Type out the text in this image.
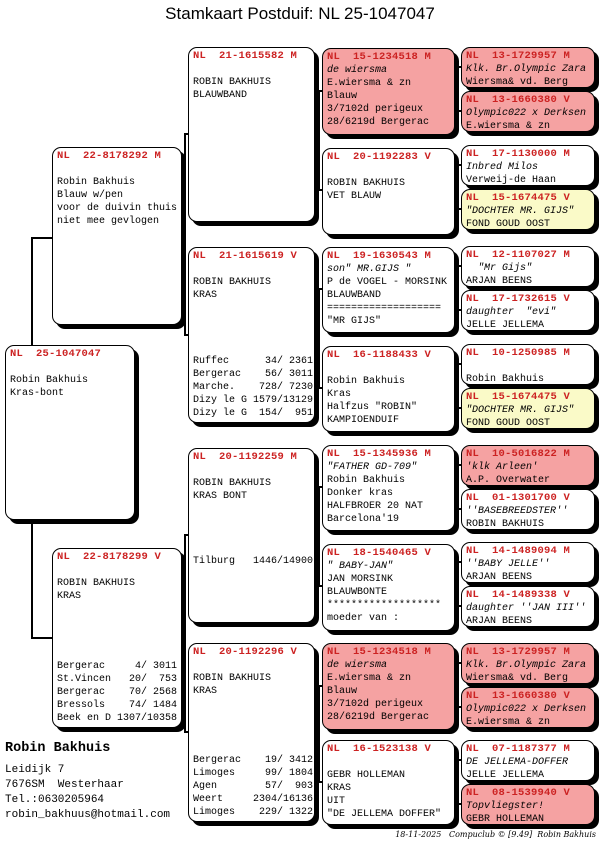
Stamkaart Postduif: NL 25-1047047
NL  25-1047047

Robin Bakhuis
Kras-bont
NL  22-8178292 M

Robin Bakhuis
Blauw w/pen
voor de duivin thuis
niet mee gevlogen
NL  22-8178299 V

ROBIN BAKHUIS
KRAS
Bergerac     4/ 3011
St.Vincen   20/  753
Bergerac    70/ 2568
Bressols    74/ 1484
Beek en D 1307/10358
NL  21-1615582 M

ROBIN BAKHUIS
BLAUWBAND
NL  21-1615619 V

ROBIN BAKHUIS
KRAS
Ruffec      34/ 2361
Bergerac    56/ 3011
Marche.    728/ 7230
Dizy le G 1579/13129
Dizy le G  154/  951
NL  20-1192259 M

ROBIN BAKHUIS
KRAS BONT
Tilburg   1446/14900
NL  20-1192296 V

ROBIN BAKHUIS
KRAS
Bergerac    19/ 3412
Limoges     99/ 1804
Agen        57/  903
Weert     2304/16136
Limoges    229/ 1322
NL  15-1234518 M
de wiersma
E.wiersma & zn
Blauw
3/7102d perigeux
28/6219d Bergerac
NL  20-1192283 V

ROBIN BAKHUIS
VET BLAUW
NL  19-1630543 M
son" MR.GIJS "
P de VOGEL - MORSINK
BLAUWBAND
===================
"MR GIJS"
NL  16-1188433 V

Robin Bakhuis
Kras
Halfzus "ROBIN"
KAMPIOENDUIF
NL  15-1345936 M
"FATHER GD-709"
Robin Bakhuis
Donker kras
HALFBROER 20 NAT
Barcelona'19
NL  18-1540465 V
" BABY-JAN"
JAN MORSINK
BLAUWBONTE
*******************
moeder van :
NL  15-1234518 M
de wiersma
E.wiersma & zn
Blauw
3/7102d perigeux
28/6219d Bergerac
NL  16-1523138 V

GEBR HOLLEMAN
KRAS
UIT
"DE JELLEMA DOFFER"
NL  13-1729957 M
Klk. Br.Olympic Zara
Wiersma& vd. Berg
NL  13-1660380 V
Olympic022 x Derksen
E.wiersma & zn
NL  17-1130000 M
Inbred Milos
Verweij-de Haan
NL  15-1674475 V
"DOCHTER MR. GIJS"
FOND GOUD OOST
NL  12-1107027 M
"Mr Gijs"
ARJAN BEENS
NL  17-1732615 V
daughter  "evi"
JELLE JELLEMA
NL  10-1250985 M

Robin Bakhuis
NL  15-1674475 V
"DOCHTER MR. GIJS"
FOND GOUD OOST
NL  10-5016822 M
'klk Arleen'
A.P. Overwater
NL  01-1301700 V
''BASEBREEDSTER''
ROBIN BAKHUIS
NL  14-1489094 M
''BABY JELLE''
ARJAN BEENS
NL  14-1489338 V
daughter ''JAN III''
ARJAN BEENS
NL  13-1729957 M
Klk. Br.Olympic Zara
Wiersma& vd. Berg
NL  13-1660380 V
Olympic022 x Derksen
E.wiersma & zn
NL  07-1187377 M
DE JELLEMA-DOFFER
JELLE JELLEMA
NL  08-1539940 V
Topvliegster!
GEBR HOLLEMAN
Robin Bakhuis
Leidijk 7
7676SM  Westerhaar
Tel.:0630205964
robin_bakhuus@hotmail.com
18-11-2025   Compuclub © [9.49]  Robin Bakhuis
